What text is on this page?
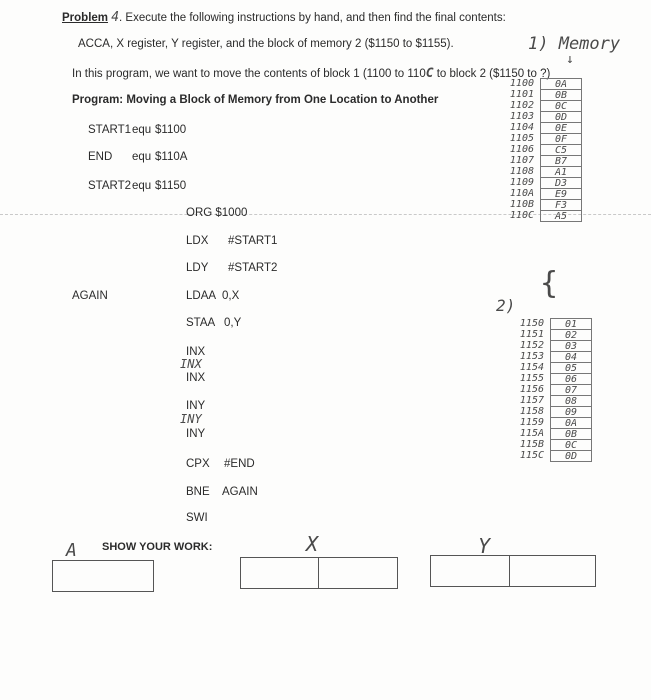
Problem 4. Execute the following instructions by hand, and then find the final contents:
ACCA, X register, Y register, and the block of memory 2 ($1150 to $1155).	1) Memory
↓
In this program, we want to move the contents of block 1 (1100 to 110C to block 2 ($1150 to ?)
Program: Moving a Block of Memory from One Location to Another
START1 equ $1100
END equ $110A
START2 equ $1150
ORG $1000
LDX #START1
LDY #START2
AGAIN	LDAA 0,X
STAA 0,Y
INX
INX
INX
INY
INY
INY
CPX #END
BNE AGAIN
SWI
1100	0A
1101	0B
1102	0C
1103	0D
1104	0E
1105	0F
1106	C5
1107	B7
1108	A1
1109	D3
110A	E9
110B	F3
110C	A5
{
2)
1150	01
1151	02
1152	03
1153	04
1154	05
1155	06
1156	07
1157	08
1158	09
1159	0A
115A	0B
115B	0C
115C	0D
A SHOW YOUR WORK:	X	Y
